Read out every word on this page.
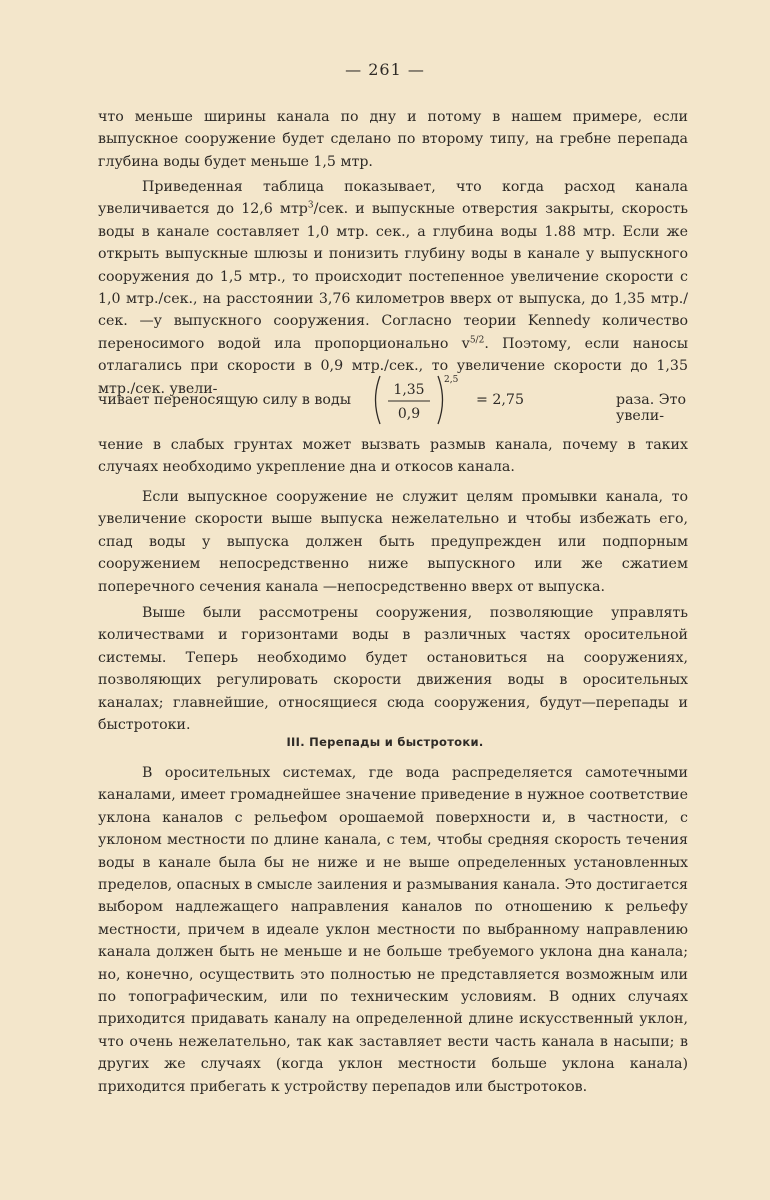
— 261 —

что меньше ширины канала по дну и потому в нашем примере, если выпускное сооружение будет сделано по второму типу, на гребне перепада глубина воды будет меньше 1,5 мтр.

Приведенная таблица показывает, что когда расход канала увеличивается до 12,6 мтр$^3$/сек. и выпускные отверстия закрыты, скорость воды в канале составляет 1,0 мтр. сек., а глубина воды 1.88 мтр. Если же открыть выпускные шлюзы и понизить глубину воды в канале у выпускного сооружения до 1,5 мтр., то происходит постепенное увеличение скорости с 1,0 мтр./сек., на расстоянии 3,76 километров вверх от выпуска, до 1,35 мтр./сек. —у выпускного сооружения. Согласно теории Kennedy количество переносимого водой ила пропорционально $v^{5/2}$. Поэтому, если наносы отлагались при скорости в 0,9 мтр./сек., то увеличение скорости до 1,35 мтр./сек. увели-

чивает переносящую силу в воды
1,35
0,9
2,5
= 2,75	раза. Это увели-

чение в слабых грунтах может вызвать размыв канала, почему в таких случаях необходимо укрепление дна и откосов канала.

Если выпускное сооружение не служит целям промывки канала, то увеличение скорости выше выпуска нежелательно и чтобы избежать его, спад воды у выпуска должен быть предупрежден или подпорным сооружением непосредственно ниже выпускного или же сжатием поперечного сечения канала —непосредственно вверх от выпуска.

Выше были рассмотрены сооружения, позволяющие управлять количествами и горизонтами воды в различных частях оросительной системы. Теперь необходимо будет остановиться на сооружениях, позволяющих регулировать скорости движения воды в оросительных каналах; главнейшие, относящиеся сюда сооружения, будут—перепады и быстротоки.

III. Перепады и быстротоки.

В оросительных системах, где вода распределяется самотечными каналами, имеет громаднейшее значение приведение в нужное соответствие уклона каналов с рельефом орошаемой поверхности и, в частности, с уклоном местности по длине канала, с тем, чтобы средняя скорость течения воды в канале была бы не ниже и не выше определенных установленных пределов, опасных в смысле заиления и размывания канала. Это достигается выбором надлежащего направления каналов по отношению к рельефу местности, причем в идеале уклон местности по выбранному направлению канала должен быть не меньше и не больше требуемого уклона дна канала; но, конечно, осуществить это полностью не представляется возможным или по топографическим, или по техническим условиям. В одних случаях приходится придавать каналу на определенной длине искусственный уклон, что очень нежелательно, так как заставляет вести часть канала в насыпи; в других же случаях (когда уклон местности больше уклона канала) приходится прибегать к устройству перепадов или быстротоков.
